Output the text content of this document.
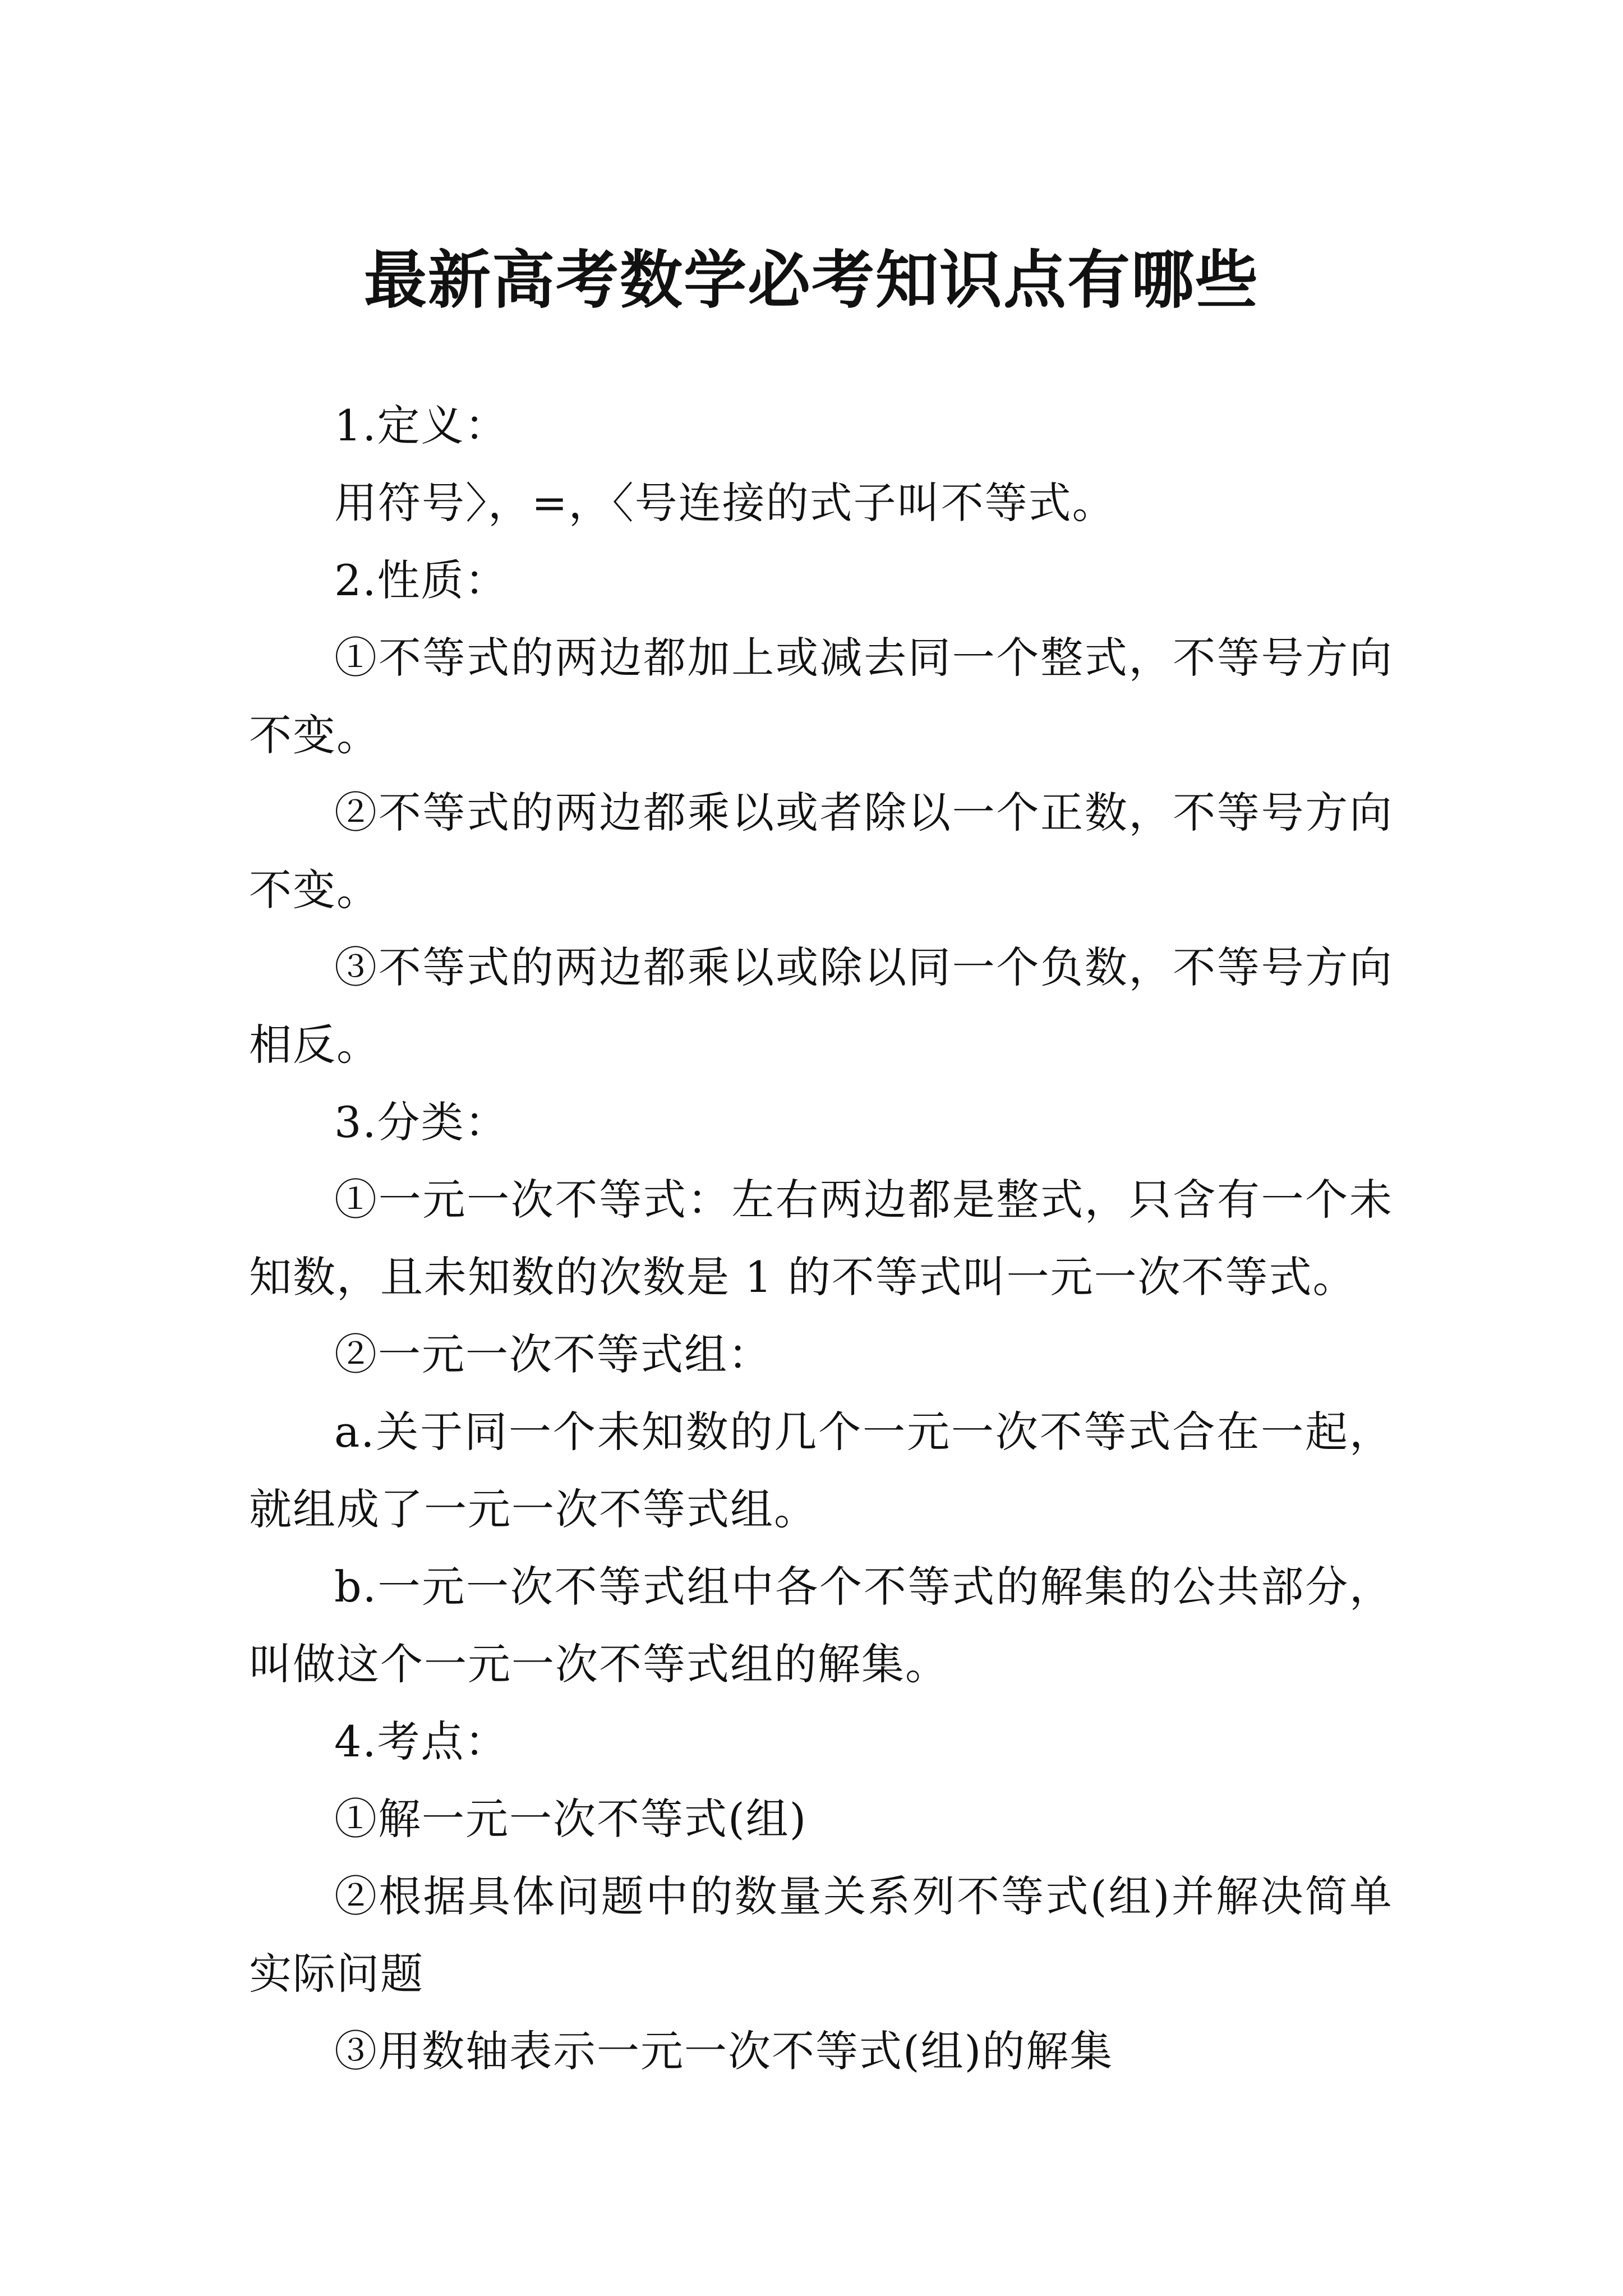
最新高考数学必考知识点有哪些

1.定义：

用符号〉，=，〈号连接的式子叫不等式。

2.性质：

①不等式的两边都加上或减去同一个整式，不等号方向不变。

②不等式的两边都乘以或者除以一个正数，不等号方向不变。

③不等式的两边都乘以或除以同一个负数，不等号方向相反。

3.分类：

①一元一次不等式：左右两边都是整式，只含有一个未知数，且未知数的次数是 1 的不等式叫一元一次不等式。

②一元一次不等式组：

a.关于同一个未知数的几个一元一次不等式合在一起，就组成了一元一次不等式组。

b.一元一次不等式组中各个不等式的解集的公共部分，叫做这个一元一次不等式组的解集。

4.考点：

①解一元一次不等式(组)

②根据具体问题中的数量关系列不等式(组)并解决简单实际问题

③用数轴表示一元一次不等式(组)的解集
